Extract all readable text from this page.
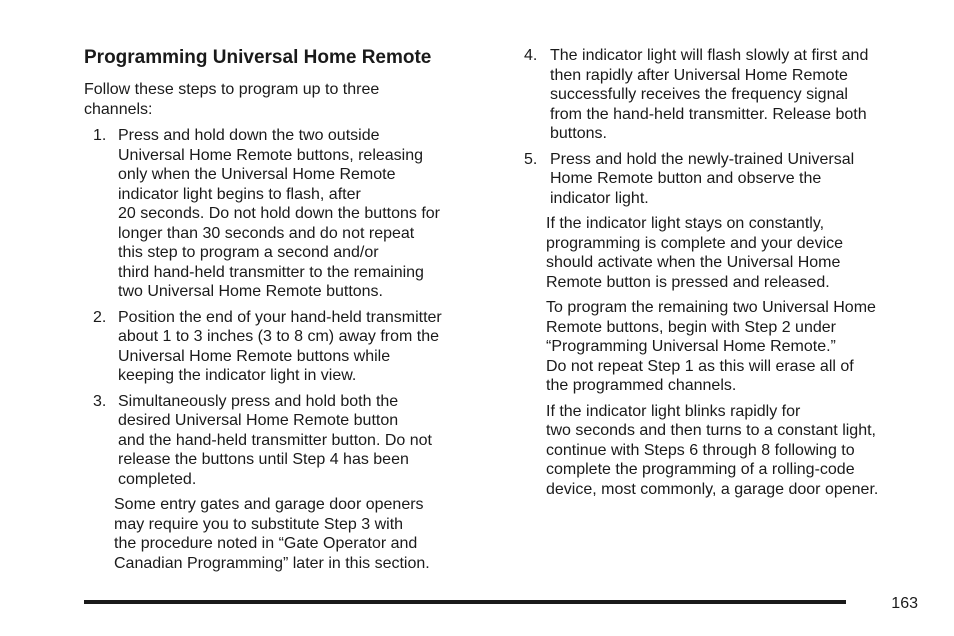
Programming Universal Home Remote
Follow these steps to program up to three
channels:
1. Press and hold down the two outside
Universal Home Remote buttons, releasing
only when the Universal Home Remote
indicator light begins to flash, after
20 seconds. Do not hold down the buttons for
longer than 30 seconds and do not repeat
this step to program a second and/or
third hand-held transmitter to the remaining
two Universal Home Remote buttons.
2. Position the end of your hand-held transmitter
about 1 to 3 inches (3 to 8 cm) away from the
Universal Home Remote buttons while
keeping the indicator light in view.
3. Simultaneously press and hold both the
desired Universal Home Remote button
and the hand-held transmitter button. Do not
release the buttons until Step 4 has been
completed.
Some entry gates and garage door openers
may require you to substitute Step 3 with
the procedure noted in “Gate Operator and
Canadian Programming” later in this section.
4. The indicator light will flash slowly at first and
then rapidly after Universal Home Remote
successfully receives the frequency signal
from the hand-held transmitter. Release both
buttons.
5. Press and hold the newly-trained Universal
Home Remote button and observe the
indicator light.
If the indicator light stays on constantly,
programming is complete and your device
should activate when the Universal Home
Remote button is pressed and released.
To program the remaining two Universal Home
Remote buttons, begin with Step 2 under
“Programming Universal Home Remote.”
Do not repeat Step 1 as this will erase all of
the programmed channels.
If the indicator light blinks rapidly for
two seconds and then turns to a constant light,
continue with Steps 6 through 8 following to
complete the programming of a rolling-code
device, most commonly, a garage door opener.
163
